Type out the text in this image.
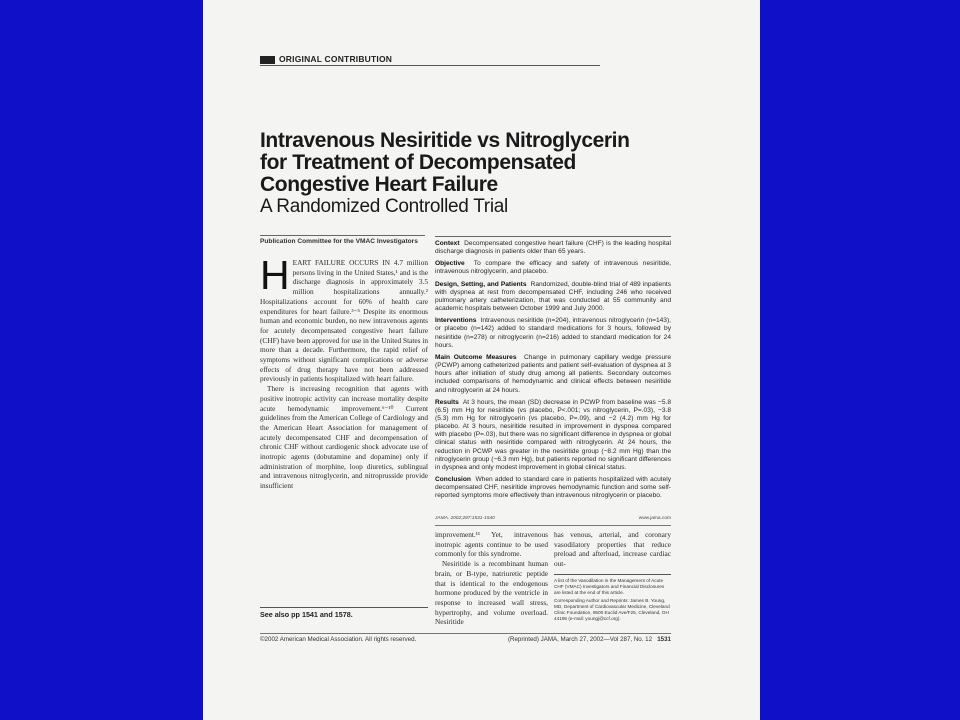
ORIGINAL CONTRIBUTION
Intravenous Nesiritide vs Nitroglycerin
for Treatment of Decompensated
Congestive Heart Failure
A Randomized Controlled Trial
Publication Committee for the VMAC Investigators

HEART FAILURE OCCURS IN 4.7 million persons living in the United States,¹ and is the discharge diagnosis in approximately 3.5 million hospitalizations annually.² Hospitalizations account for 60% of health care expenditures for heart failure.³⁻⁵ Despite its enormous human and economic burden, no new intravenous agents for acutely decompensated congestive heart failure (CHF) have been approved for use in the United States in more than a decade. Furthermore, the rapid relief of symptoms without significant complications or adverse effects of drug therapy have not been addressed previously in patients hospitalized with heart failure.

There is increasing recognition that agents with positive inotropic activity can increase mortality despite acute hemodynamic improvement.⁶⁻¹⁰ Current guidelines from the American College of Cardiology and the American Heart Association for management of acutely decompensated CHF and decompensation of chronic CHF without cardiogenic shock advocate use of inotropic agents (dobutamine and dopamine) only if administration of morphine, loop diuretics, sublingual and intravenous nitroglycerin, and nitroprusside provide insufficient

See also pp 1541 and 1578.
Context Decompensated congestive heart failure (CHF) is the leading hospital discharge diagnosis in patients older than 65 years.
Objective To compare the efficacy and safety of intravenous nesiritide, intravenous nitroglycerin, and placebo.
Design, Setting, and Patients Randomized, double-blind trial of 489 inpatients with dyspnea at rest from decompensated CHF, including 246 who received pulmonary artery catheterization, that was conducted at 55 community and academic hospitals between October 1999 and July 2000.
Interventions Intravenous nesiritide (n=204), intravenous nitroglycerin (n=143), or placebo (n=142) added to standard medications for 3 hours, followed by nesiritide (n=278) or nitroglycerin (n=216) added to standard medication for 24 hours.
Main Outcome Measures Change in pulmonary capillary wedge pressure (PCWP) among catheterized patients and patient self-evaluation of dyspnea at 3 hours after initiation of study drug among all patients. Secondary outcomes included comparisons of hemodynamic and clinical effects between nesiritide and nitroglycerin at 24 hours.
Results At 3 hours, the mean (SD) decrease in PCWP from baseline was −5.8 (6.5) mm Hg for nesiritide (vs placebo, P<.001; vs nitroglycerin, P=.03), −3.8 (5.3) mm Hg for nitroglycerin (vs placebo, P=.09), and −2 (4.2) mm Hg for placebo. At 3 hours, nesiritide resulted in improvement in dyspnea compared with placebo (P=.03), but there was no significant difference in dyspnea or global clinical status with nesiritide compared with nitroglycerin. At 24 hours, the reduction in PCWP was greater in the nesiritide group (−8.2 mm Hg) than the nitroglycerin group (−6.3 mm Hg), but patients reported no significant differences in dyspnea and only modest improvement in global clinical status.
Conclusion When added to standard care in patients hospitalized with acutely decompensated CHF, nesiritide improves hemodynamic function and some self-reported symptoms more effectively than intravenous nitroglycerin or placebo.
JAMA. 2002;287:1531-1540	www.jama.com

improvement.¹¹ Yet, intravenous inotropic agents continue to be used commonly for this syndrome.

Nesiritide is a recombinant human brain, or B-type, natriuretic peptide that is identical to the endogenous hormone produced by the ventricle in response to increased wall stress, hypertrophy, and volume overload. Nesiritide

has venous, arterial, and coronary vasodilatory properties that reduce preload and afterload, increase cardiac out-

A list of the Vasodilation in the Management of Acute CHF (VMAC) Investigators and Financial Disclosures are listed at the end of this article.

Corresponding Author and Reprints: James B. Young, MD, Department of Cardiovascular Medicine, Cleveland Clinic Foundation, 9500 Euclid Ave/F25, Cleveland, OH 44195 (e-mail: youngj@ccf.org).

©2002 American Medical Association. All rights reserved.	(Reprinted) JAMA, March 27, 2002—Vol 287, No. 12 1531
